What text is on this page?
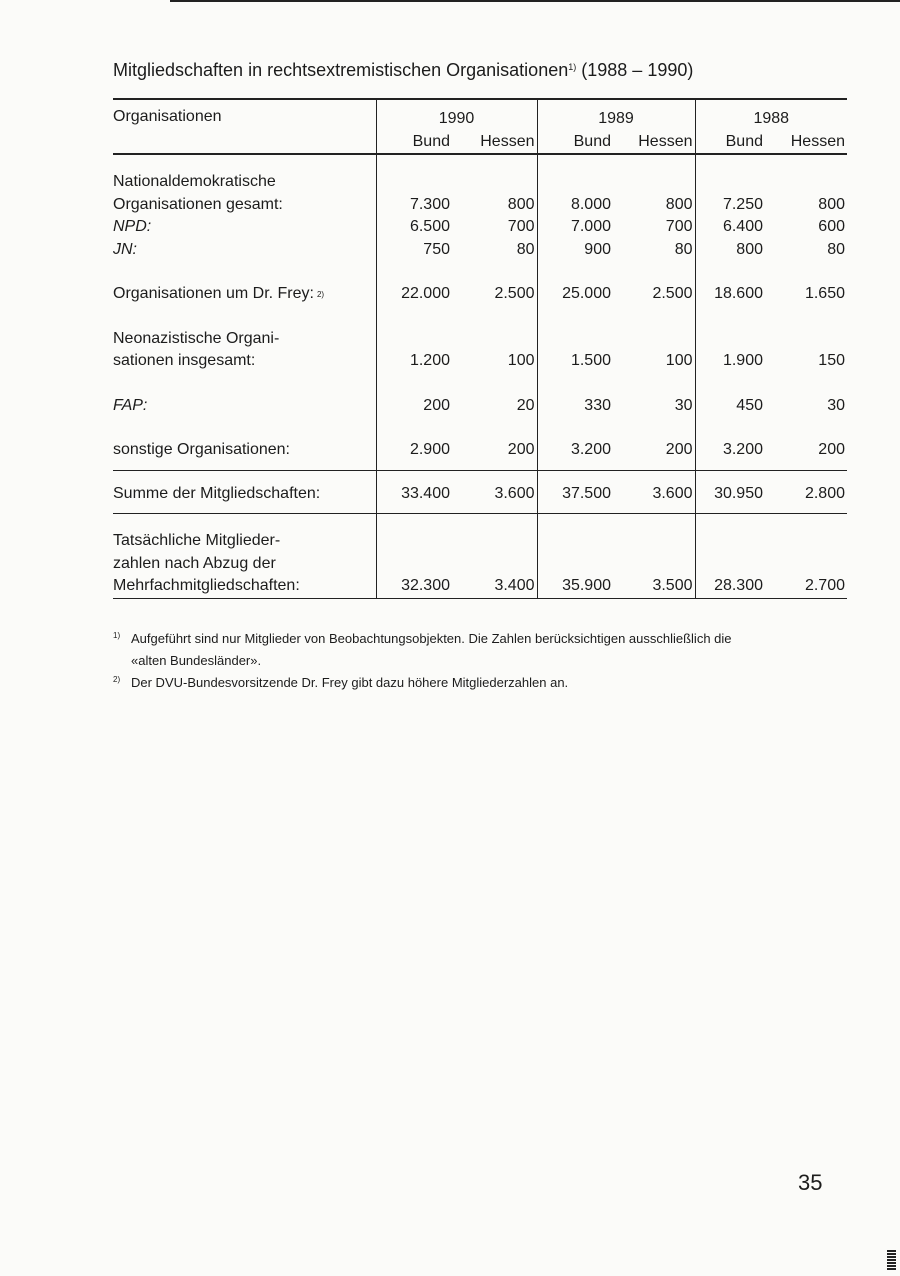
Mitgliedschaften in rechtsextremistischen Organisationen$^{1)}$ (1988 – 1990)
Organisationen	1990		1989		1988	
	Bund	Hessen	Bund	Hessen	Bund	Hessen

Nationaldemokratische						
Organisationen gesamt:	7.300	800	8.000	800	7.250	800
NPD:	6.500	700	7.000	700	6.400	600
JN:	750	80	900	80	800	80

Organisationen um Dr. Frey: $^{2)}$	22.000	2.500	25.000	2.500	18.600	1.650

Neonazistische Organi-						
sationen insgesamt:	1.200	100	1.500	100	1.900	150

FAP:	200	20	330	30	450	30

sonstige Organisationen:	2.900	200	3.200	200	3.200	200
Summe der Mitgliedschaften:	33.400	3.600	37.500	3.600	30.950	2.800

Tatsächliche Mitglieder-						
zahlen nach Abzug der						
Mehrfachmitgliedschaften:	32.300	3.400	35.900	3.500	28.300	2.700
1) Aufgeführt sind nur Mitglieder von Beobachtungsobjekten. Die Zahlen berücksichtigen ausschließlich die
«alten Bundesländer».
2) Der DVU-Bundesvorsitzende Dr. Frey gibt dazu höhere Mitgliederzahlen an.
35
